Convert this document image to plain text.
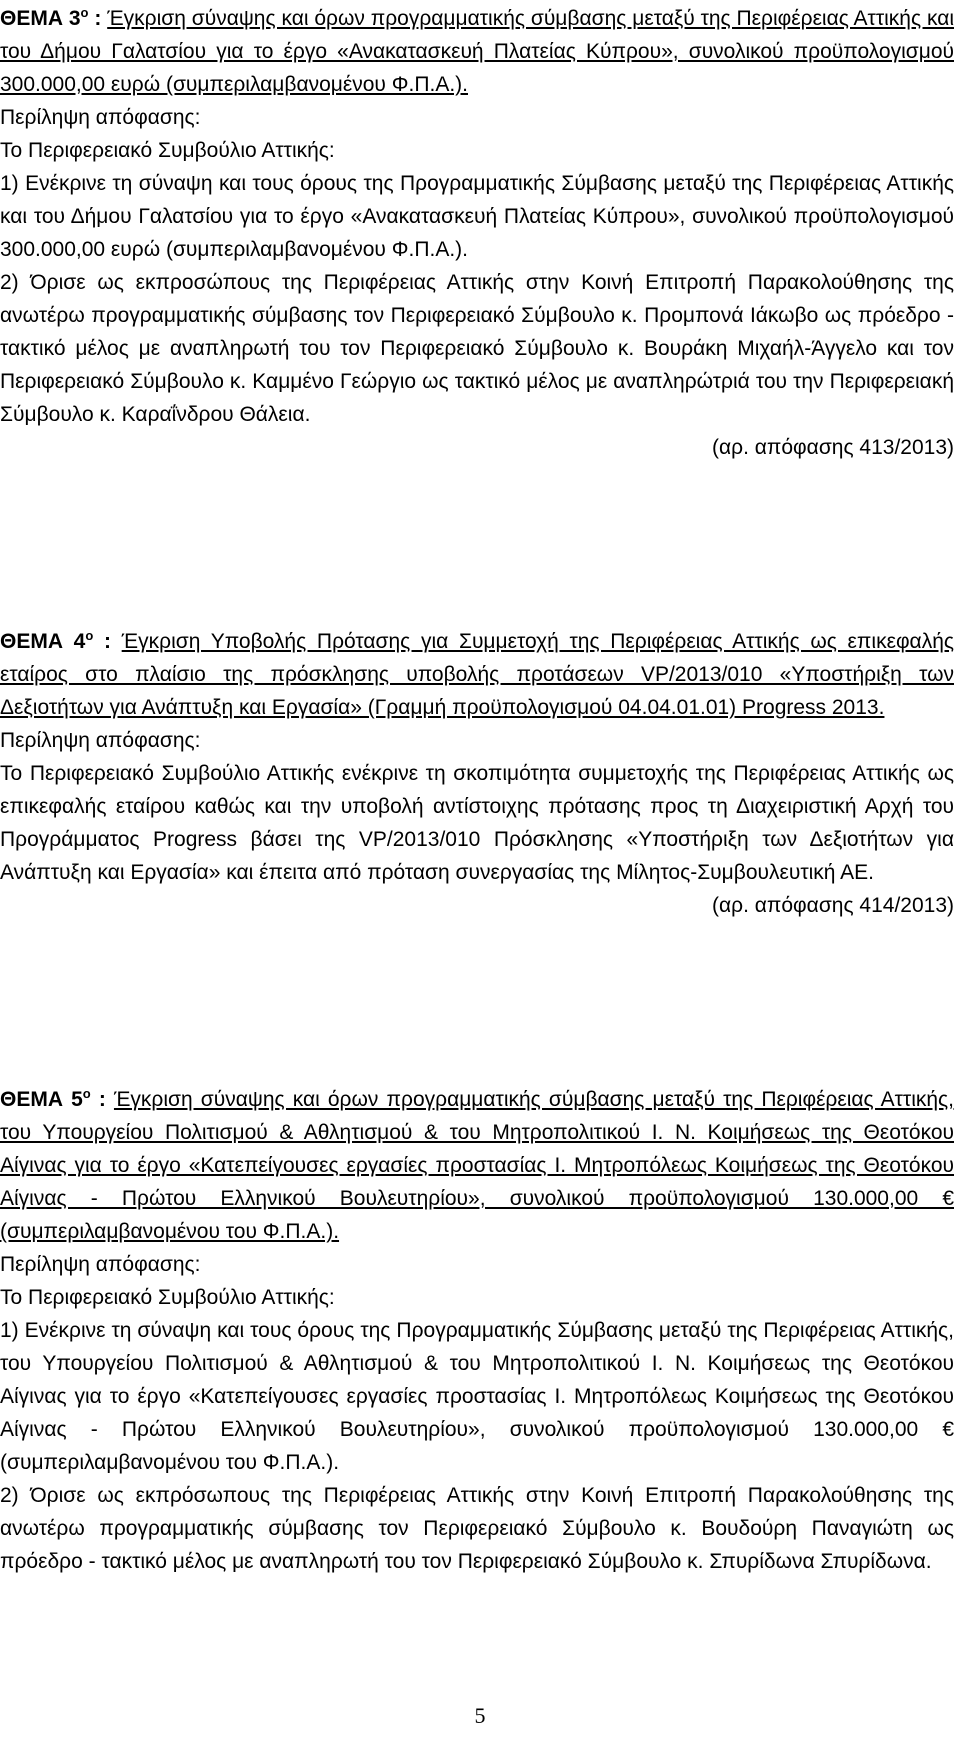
ΘΕΜΑ $3^o$ : Έγκριση σύναψης και όρων προγραμματικής σύμβασης μεταξύ της Περιφέρειας Αττικής και του Δήμου Γαλατσίου για το έργο «Ανακατασκευή Πλατείας Κύπρου», συνολικού προϋπολογισμού 300.000,00 ευρώ (συμπεριλαμβανομένου Φ.Π.Α.).
Περίληψη απόφασης:
Το Περιφερειακό Συμβούλιο Αττικής:
1) Ενέκρινε τη σύναψη και τους όρους της Προγραμματικής Σύμβασης μεταξύ της Περιφέρειας Αττικής και του Δήμου Γαλατσίου για το έργο «Ανακατασκευή Πλατείας Κύπρου», συνολικού προϋπολογισμού 300.000,00 ευρώ (συμπεριλαμβανομένου Φ.Π.Α.).
2) Όρισε ως εκπροσώπους της Περιφέρειας Αττικής στην Κοινή Επιτροπή Παρακολούθησης της ανωτέρω προγραμματικής σύμβασης τον Περιφερειακό Σύμβουλο κ. Προμπονά Ιάκωβο ως πρόεδρο - τακτικό μέλος με αναπληρωτή του τον Περιφερειακό Σύμβουλο κ. Βουράκη Μιχαήλ-Άγγελο και τον Περιφερειακό Σύμβουλο κ. Καμμένο Γεώργιο ως τακτικό μέλος με αναπληρώτριά του την Περιφερειακή Σύμβουλο κ. Καραΐνδρου Θάλεια.
(αρ. απόφασης 413/2013)
ΘΕΜΑ $4^o$ : Έγκριση Υποβολής Πρότασης για Συμμετοχή της Περιφέρειας Αττικής ως επικεφαλής εταίρος στο πλαίσιο της πρόσκλησης υποβολής προτάσεων VP/2013/010 «Υποστήριξη των Δεξιοτήτων για Ανάπτυξη και Εργασία» (Γραμμή προϋπολογισμού 04.04.01.01) Progress 2013.
Περίληψη απόφασης:
Το Περιφερειακό Συμβούλιο Αττικής ενέκρινε τη σκοπιμότητα συμμετοχής της Περιφέρειας Αττικής ως επικεφαλής εταίρου καθώς και την υποβολή αντίστοιχης πρότασης προς τη Διαχειριστική Αρχή του Προγράμματος Progress βάσει της VP/2013/010 Πρόσκλησης «Υποστήριξη των Δεξιοτήτων για Ανάπτυξη και Εργασία» και έπειτα από πρόταση συνεργασίας της Μίλητος-Συμβουλευτική ΑΕ.
(αρ. απόφασης 414/2013)
ΘΕΜΑ $5^o$ : Έγκριση σύναψης και όρων προγραμματικής σύμβασης μεταξύ της Περιφέρειας Αττικής, του Υπουργείου Πολιτισμού & Αθλητισμού & του Μητροπολιτικού Ι. Ν. Κοιμήσεως της Θεοτόκου Αίγινας για το έργο «Κατεπείγουσες εργασίες προστασίας Ι. Μητροπόλεως Κοιμήσεως της Θεοτόκου Αίγινας - Πρώτου Ελληνικού Βουλευτηρίου», συνολικού προϋπολογισμού 130.000,00 € (συμπεριλαμβανομένου του Φ.Π.Α.).
Περίληψη απόφασης:
Το Περιφερειακό Συμβούλιο Αττικής:
1) Ενέκρινε τη σύναψη και τους όρους της Προγραμματικής Σύμβασης μεταξύ της Περιφέρειας Αττικής, του Υπουργείου Πολιτισμού & Αθλητισμού & του Μητροπολιτικού Ι. Ν. Κοιμήσεως της Θεοτόκου Αίγινας για το έργο «Κατεπείγουσες εργασίες προστασίας Ι. Μητροπόλεως Κοιμήσεως της Θεοτόκου Αίγινας - Πρώτου Ελληνικού Βουλευτηρίου», συνολικού προϋπολογισμού 130.000,00 € (συμπεριλαμβανομένου του Φ.Π.Α.).
2) Όρισε ως εκπρόσωπους της Περιφέρειας Αττικής στην Κοινή Επιτροπή Παρακολούθησης της ανωτέρω προγραμματικής σύμβασης τον Περιφερειακό Σύμβουλο κ. Βουδούρη Παναγιώτη ως πρόεδρο - τακτικό μέλος με αναπληρωτή του τον Περιφερειακό Σύμβουλο κ. Σπυρίδωνα Σπυρίδωνα.
5
